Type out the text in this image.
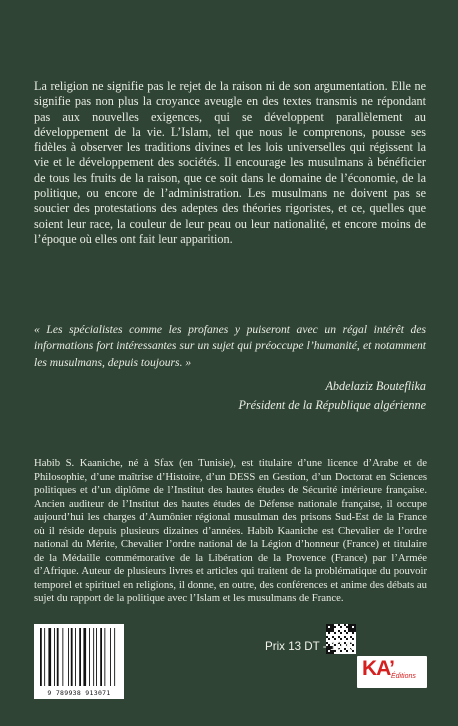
La religion ne signifie pas le rejet de la raison ni de son argumentation. Elle ne signifie pas non plus la croyance aveugle en des textes transmis ne répondant pas aux nouvelles exigences, qui se développent parallèlement au développement de la vie. L’Islam, tel que nous le comprenons, pousse ses fidèles à observer les traditions divines et les lois universelles qui régissent la vie et le développement des sociétés. Il encourage les musulmans à bénéficier de tous les fruits de la raison, que ce soit dans le domaine de l’économie, de la politique, ou encore de l’administration. Les musulmans ne doivent pas se soucier des protestations des adeptes des théories rigoristes, et ce, quelles que soient leur race, la couleur de leur peau ou leur nationalité, et encore moins de l’époque où elles ont fait leur apparition.

« Les spécialistes comme les profanes y puiseront avec un régal intérêt des informations fort intéressantes sur un sujet qui préoccupe l’humanité, et notamment les musulmans, depuis toujours. »

Abdelaziz Bouteflika
Président de la République algérienne

Habib S. Kaaniche, né à Sfax (en Tunisie), est titulaire d’une licence d’Arabe et de Philosophie, d’une maîtrise d’Histoire, d’un DESS en Gestion, d’un Doctorat en Sciences politiques et d’un diplôme de l’Institut des hautes études de Sécurité intérieure française. Ancien auditeur de l’Institut des hautes études de Défense nationale française, il occupe aujourd’hui les charges d’Aumônier régional musulman des prisons Sud-Est de la France où il réside depuis plusieurs dizaines d’années. Habib Kaaniche est Chevalier de l’ordre national du Mérite, Chevalier l’ordre national de la Légion d’honneur (France) et titulaire de la Médaille commémorative de la Libération de la Provence (France) par l’Armée d’Afrique. Auteur de plusieurs livres et articles qui traitent de la problématique du pouvoir temporel et spirituel en religions, il donne, en outre, des conférences et anime des débats au sujet du rapport de la politique avec l’Islam et les musulmans de France.

9 789938 913071
Prix 13 DT - 10 €
KA’
Éditions
